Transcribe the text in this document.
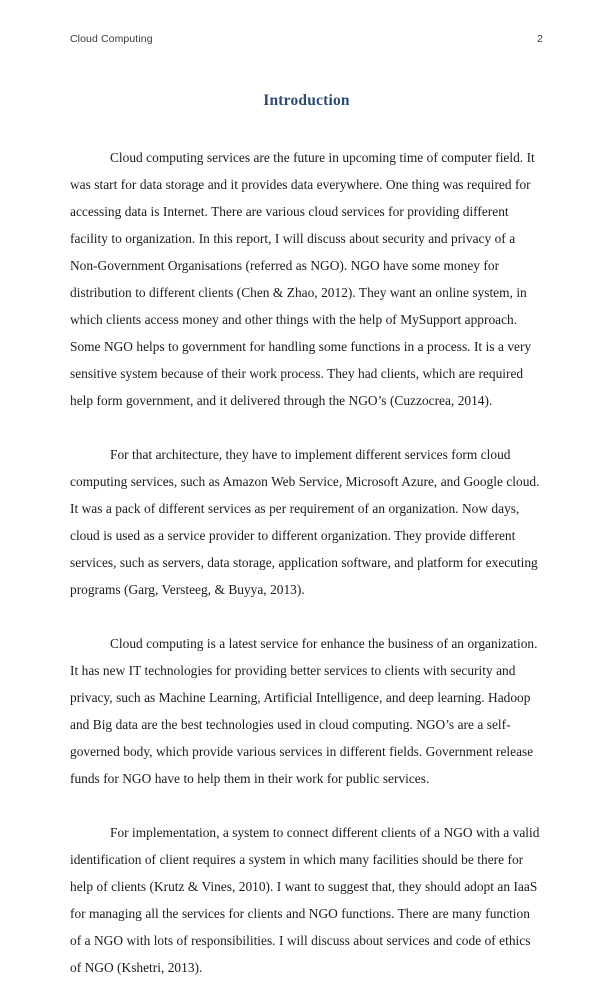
Cloud Computing	2
Introduction

Cloud computing services are the future in upcoming time of computer field. It was start for data storage and it provides data everywhere. One thing was required for accessing data is Internet. There are various cloud services for providing different facility to organization. In this report, I will discuss about security and privacy of a Non-Government Organisations (referred as NGO). NGO have some money for distribution to different clients (Chen & Zhao, 2012). They want an online system, in which clients access money and other things with the help of MySupport approach. Some NGO helps to government for handling some functions in a process. It is a very sensitive system because of their work process. They had clients, which are required help form government, and it delivered through the NGO’s (Cuzzocrea, 2014).

For that architecture, they have to implement different services form cloud computing services, such as Amazon Web Service, Microsoft Azure, and Google cloud. It was a pack of different services as per requirement of an organization. Now days, cloud is used as a service provider to different organization. They provide different services, such as servers, data storage, application software, and platform for executing programs (Garg, Versteeg, & Buyya, 2013).

Cloud computing is a latest service for enhance the business of an organization. It has new IT technologies for providing better services to clients with security and privacy, such as Machine Learning, Artificial Intelligence, and deep learning. Hadoop and Big data are the best technologies used in cloud computing. NGO’s are a self-governed body, which provide various services in different fields. Government release funds for NGO have to help them in their work for public services.

For implementation, a system to connect different clients of a NGO with a valid identification of client requires a system in which many facilities should be there for help of clients (Krutz & Vines, 2010). I want to suggest that, they should adopt an IaaS for managing all the services for clients and NGO functions. There are many function of a NGO with lots of responsibilities. I will discuss about services and code of ethics of NGO (Kshetri, 2013).
